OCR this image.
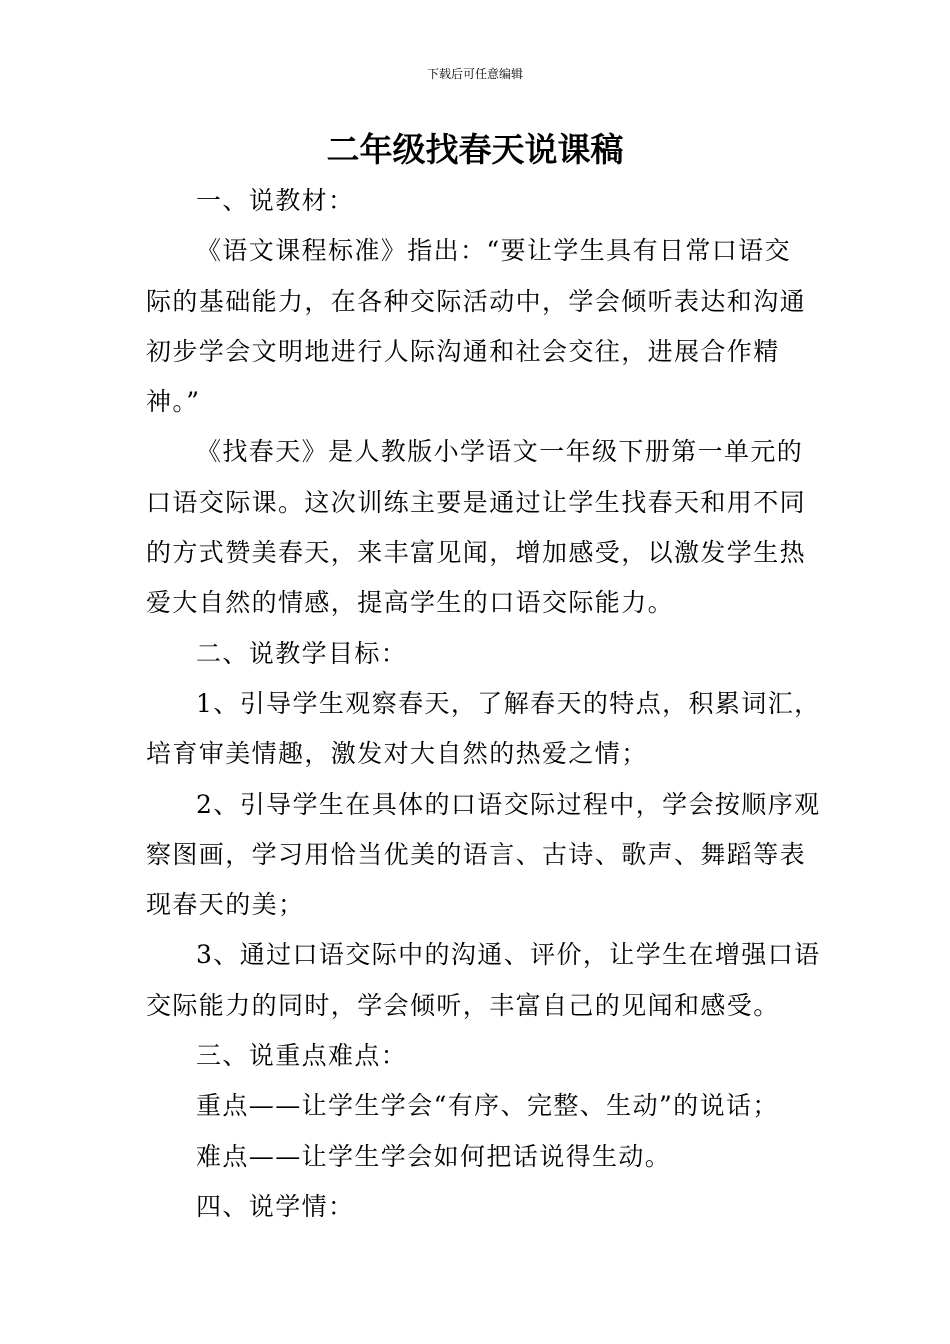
下载后可任意编辑
二年级找春天说课稿
一、说教材：
《语文课程标准》指出：“要让学生具有日常口语交
际的基础能力，在各种交际活动中，学会倾听表达和沟通
初步学会文明地进行人际沟通和社会交往，进展合作精
神。”
《找春天》是人教版小学语文一年级下册第一单元的
口语交际课。这次训练主要是通过让学生找春天和用不同
的方式赞美春天，来丰富见闻，增加感受，以激发学生热
爱大自然的情感，提高学生的口语交际能力。
二、说教学目标：
1、引导学生观察春天，了解春天的特点，积累词汇，
培育审美情趣，激发对大自然的热爱之情；
2、引导学生在具体的口语交际过程中，学会按顺序观
察图画，学习用恰当优美的语言、古诗、歌声、舞蹈等表
现春天的美；
3、通过口语交际中的沟通、评价，让学生在增强口语
交际能力的同时，学会倾听，丰富自己的见闻和感受。
三、说重点难点：
重点——让学生学会“有序、完整、生动”的说话；
难点——让学生学会如何把话说得生动。
四、说学情：
